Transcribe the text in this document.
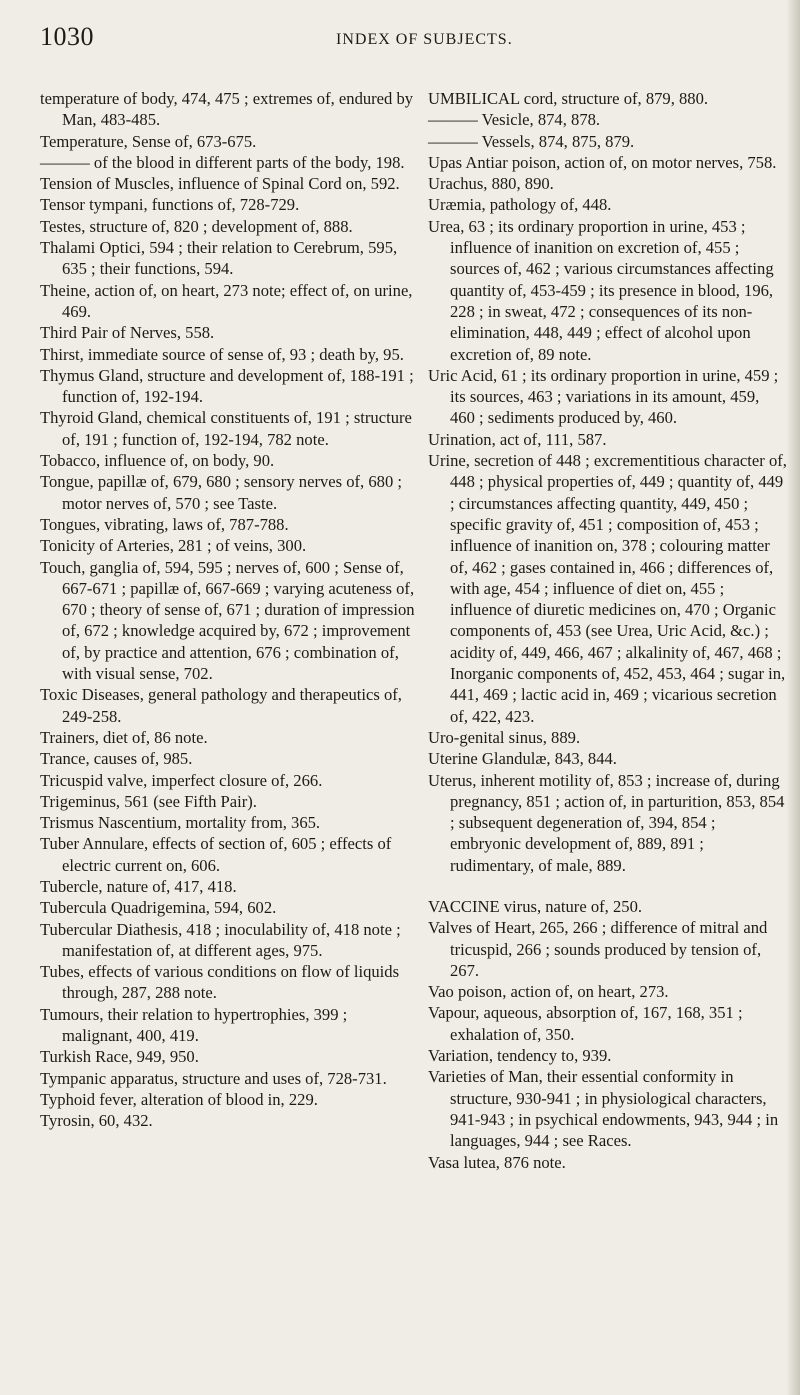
1030	INDEX OF SUBJECTS.

temperature of body, 474, 475 ; extremes of, endured by Man, 483-485.

Temperature, Sense of, 673-675.

——— of the blood in different parts of the body, 198.

Tension of Muscles, influence of Spinal Cord on, 592.

Tensor tympani, functions of, 728-729.

Testes, structure of, 820 ; development of, 888.

Thalami Optici, 594 ; their relation to Cerebrum, 595, 635 ; their functions, 594.

Theine, action of, on heart, 273 note; effect of, on urine, 469.

Third Pair of Nerves, 558.

Thirst, immediate source of sense of, 93 ; death by, 95.

Thymus Gland, structure and development of, 188-191 ; function of, 192-194.

Thyroid Gland, chemical constituents of, 191 ; structure of, 191 ; function of, 192-194, 782 note.

Tobacco, influence of, on body, 90.

Tongue, papillæ of, 679, 680 ; sensory nerves of, 680 ; motor nerves of, 570 ; see Taste.

Tongues, vibrating, laws of, 787-788.

Tonicity of Arteries, 281 ; of veins, 300.

Touch, ganglia of, 594, 595 ; nerves of, 600 ; Sense of, 667-671 ; papillæ of, 667-669 ; varying acuteness of, 670 ; theory of sense of, 671 ; duration of impression of, 672 ; knowledge acquired by, 672 ; improvement of, by practice and attention, 676 ; combination of, with visual sense, 702.

Toxic Diseases, general pathology and therapeutics of, 249-258.

Trainers, diet of, 86 note.

Trance, causes of, 985.

Tricuspid valve, imperfect closure of, 266.

Trigeminus, 561 (see Fifth Pair).

Trismus Nascentium, mortality from, 365.

Tuber Annulare, effects of section of, 605 ; effects of electric current on, 606.

Tubercle, nature of, 417, 418.

Tubercula Quadrigemina, 594, 602.

Tubercular Diathesis, 418 ; inoculability of, 418 note ; manifestation of, at different ages, 975.

Tubes, effects of various conditions on flow of liquids through, 287, 288 note.

Tumours, their relation to hypertrophies, 399 ; malignant, 400, 419.

Turkish Race, 949, 950.

Tympanic apparatus, structure and uses of, 728-731.

Typhoid fever, alteration of blood in, 229.

Tyrosin, 60, 432.

UMBILICAL cord, structure of, 879, 880.

——— Vesicle, 874, 878.

——— Vessels, 874, 875, 879.

Upas Antiar poison, action of, on motor nerves, 758.

Urachus, 880, 890.

Uræmia, pathology of, 448.

Urea, 63 ; its ordinary proportion in urine, 453 ; influence of inanition on excretion of, 455 ; sources of, 462 ; various circumstances affecting quantity of, 453-459 ; its presence in blood, 196, 228 ; in sweat, 472 ; consequences of its non-elimination, 448, 449 ; effect of alcohol upon excretion of, 89 note.

Uric Acid, 61 ; its ordinary proportion in urine, 459 ; its sources, 463 ; variations in its amount, 459, 460 ; sediments produced by, 460.

Urination, act of, 111, 587.

Urine, secretion of 448 ; excrementitious character of, 448 ; physical properties of, 449 ; quantity of, 449 ; circumstances affecting quantity, 449, 450 ; specific gravity of, 451 ; composition of, 453 ; influence of inanition on, 378 ; colouring matter of, 462 ; gases contained in, 466 ; differences of, with age, 454 ; influence of diet on, 455 ; influence of diuretic medicines on, 470 ; Organic components of, 453 (see Urea, Uric Acid, &c.) ; acidity of, 449, 466, 467 ; alkalinity of, 467, 468 ; Inorganic components of, 452, 453, 464 ; sugar in, 441, 469 ; lactic acid in, 469 ; vicarious secretion of, 422, 423.

Uro-genital sinus, 889.

Uterine Glandulæ, 843, 844.

Uterus, inherent motility of, 853 ; increase of, during pregnancy, 851 ; action of, in parturition, 853, 854 ; subsequent degeneration of, 394, 854 ; embryonic development of, 889, 891 ; rudimentary, of male, 889.

VACCINE virus, nature of, 250.

Valves of Heart, 265, 266 ; difference of mitral and tricuspid, 266 ; sounds produced by tension of, 267.

Vao poison, action of, on heart, 273.

Vapour, aqueous, absorption of, 167, 168, 351 ; exhalation of, 350.

Variation, tendency to, 939.

Varieties of Man, their essential conformity in structure, 930-941 ; in physiological characters, 941-943 ; in psychical endowments, 943, 944 ; in languages, 944 ; see Races.

Vasa lutea, 876 note.
